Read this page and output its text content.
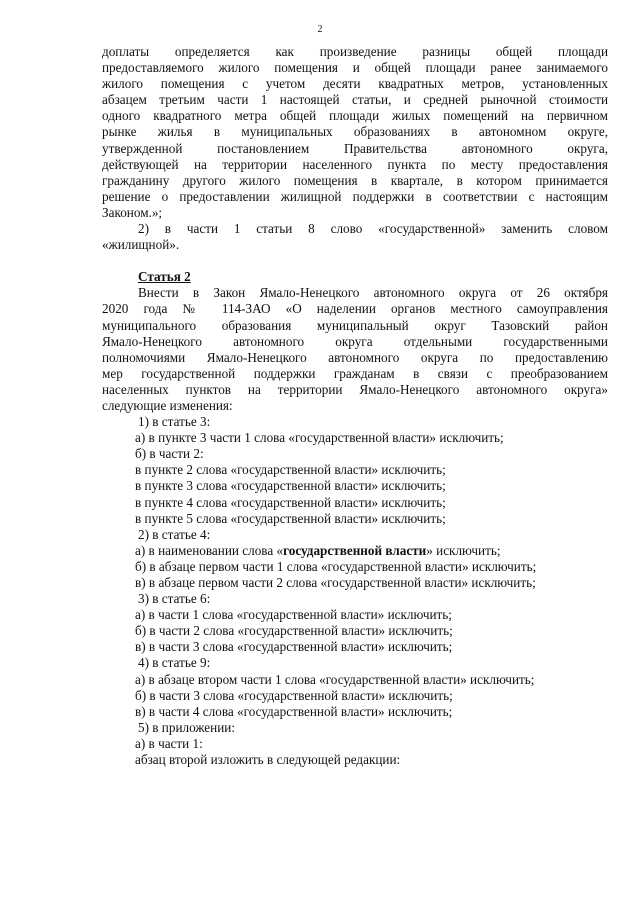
2
доплаты определяется как произведение разницы общей площади
предоставляемого жилого помещения и общей площади ранее занимаемого
жилого помещения с учетом десяти квадратных метров, установленных
абзацем третьим части 1 настоящей статьи, и средней рыночной стоимости
одного квадратного метра общей площади жилых помещений на первичном
рынке жилья в муниципальных образованиях в автономном округе,
утвержденной постановлением Правительства автономного округа,
действующей на территории населенного пункта по месту предоставления
гражданину другого жилого помещения в квартале, в котором принимается
решение о предоставлении жилищной поддержки в соответствии с настоящим
Законом.»;
2) в части 1 статьи 8 слово «государственной» заменить словом
«жилищной».
Статья 2
Внести в Закон Ямало-Ненецкого автономного округа от 26 октября
2020 года № 114-ЗАО «О наделении органов местного самоуправления
муниципального образования муниципальный округ Тазовский район
Ямало-Ненецкого автономного округа отдельными государственными
полномочиями Ямало-Ненецкого автономного округа по предоставлению
мер государственной поддержки гражданам в связи с преобразованием
населенных пунктов на территории Ямало-Ненецкого автономного округа»
следующие изменения:
1) в статье 3:
а) в пункте 3 части 1 слова «государственной власти» исключить;
б) в части 2:
в пункте 2 слова «государственной власти» исключить;
в пункте 3 слова «государственной власти» исключить;
в пункте 4 слова «государственной власти» исключить;
в пункте 5 слова «государственной власти» исключить;
2) в статье 4:
а) в наименовании слова «государственной власти» исключить;
б) в абзаце первом части 1 слова «государственной власти» исключить;
в) в абзаце первом части 2 слова «государственной власти» исключить;
3) в статье 6:
а) в части 1 слова «государственной власти» исключить;
б) в части 2 слова «государственной власти» исключить;
в) в части 3 слова «государственной власти» исключить;
4) в статье 9:
а) в абзаце втором части 1 слова «государственной власти» исключить;
б) в части 3 слова «государственной власти» исключить;
в) в части 4 слова «государственной власти» исключить;
5) в приложении:
а) в части 1:
абзац второй изложить в следующей редакции:
